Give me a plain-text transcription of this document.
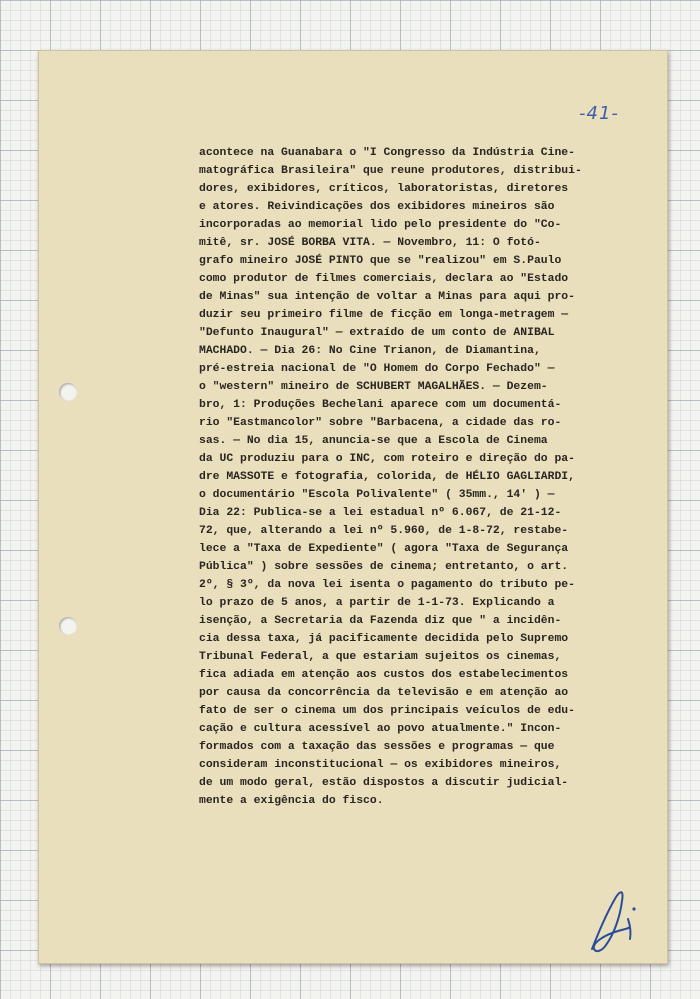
-41-
acontece na Guanabara o "I Congresso da Indústria Cine-
matográfica Brasileira" que reune produtores, distribui-
dores, exibidores, críticos, laboratoristas, diretores
e atores. Reivindicações dos exibidores mineiros são
incorporadas ao memorial lido pelo presidente do "Co-
mitê, sr. JOSÉ BORBA VITA. — Novembro, 11: O fotó-
grafo mineiro JOSÉ PINTO que se "realizou" em S.Paulo
como produtor de filmes comerciais, declara ao "Estado
de Minas" sua intenção de voltar a Minas para aqui pro-
duzir seu primeiro filme de ficção em longa-metragem —
"Defunto Inaugural" — extraído de um conto de ANIBAL
MACHADO. — Dia 26: No Cine Trianon, de Diamantina,
pré-estreia nacional de "O Homem do Corpo Fechado" —
o "western" mineiro de SCHUBERT MAGALHÃES. — Dezem-
bro, 1: Produções Bechelani aparece com um documentá-
rio "Eastmancolor" sobre "Barbacena, a cidade das ro-
sas. — No dia 15, anuncia-se que a Escola de Cinema
da UC produziu para o INC, com roteiro e direção do pa-
dre MASSOTE e fotografia, colorida, de HÉLIO GAGLIARDI,
o documentário "Escola Polivalente" ( 35mm., 14' ) —
Dia 22: Publica-se a lei estadual nº 6.067, de 21-12-
72, que, alterando a lei nº 5.960, de 1-8-72, restabe-
lece a "Taxa de Expediente" ( agora "Taxa de Segurança
Pública" ) sobre sessões de cinema; entretanto, o art.
2º, § 3º, da nova lei isenta o pagamento do tributo pe-
lo prazo de 5 anos, a partir de 1-1-73. Explicando a
isenção, a Secretaria da Fazenda diz que " a incidên-
cia dessa taxa, já pacificamente decidida pelo Supremo
Tribunal Federal, a que estariam sujeitos os cinemas,
fica adiada em atenção aos custos dos estabelecimentos
por causa da concorrência da televisão e em atenção ao
fato de ser o cinema um dos principais veículos de edu-
cação e cultura acessível ao povo atualmente." Incon-
formados com a taxação das sessões e programas — que
consideram inconstitucional — os exibidores mineiros,
de um modo geral, estão dispostos a discutir judicial-
mente a exigência do fisco.
